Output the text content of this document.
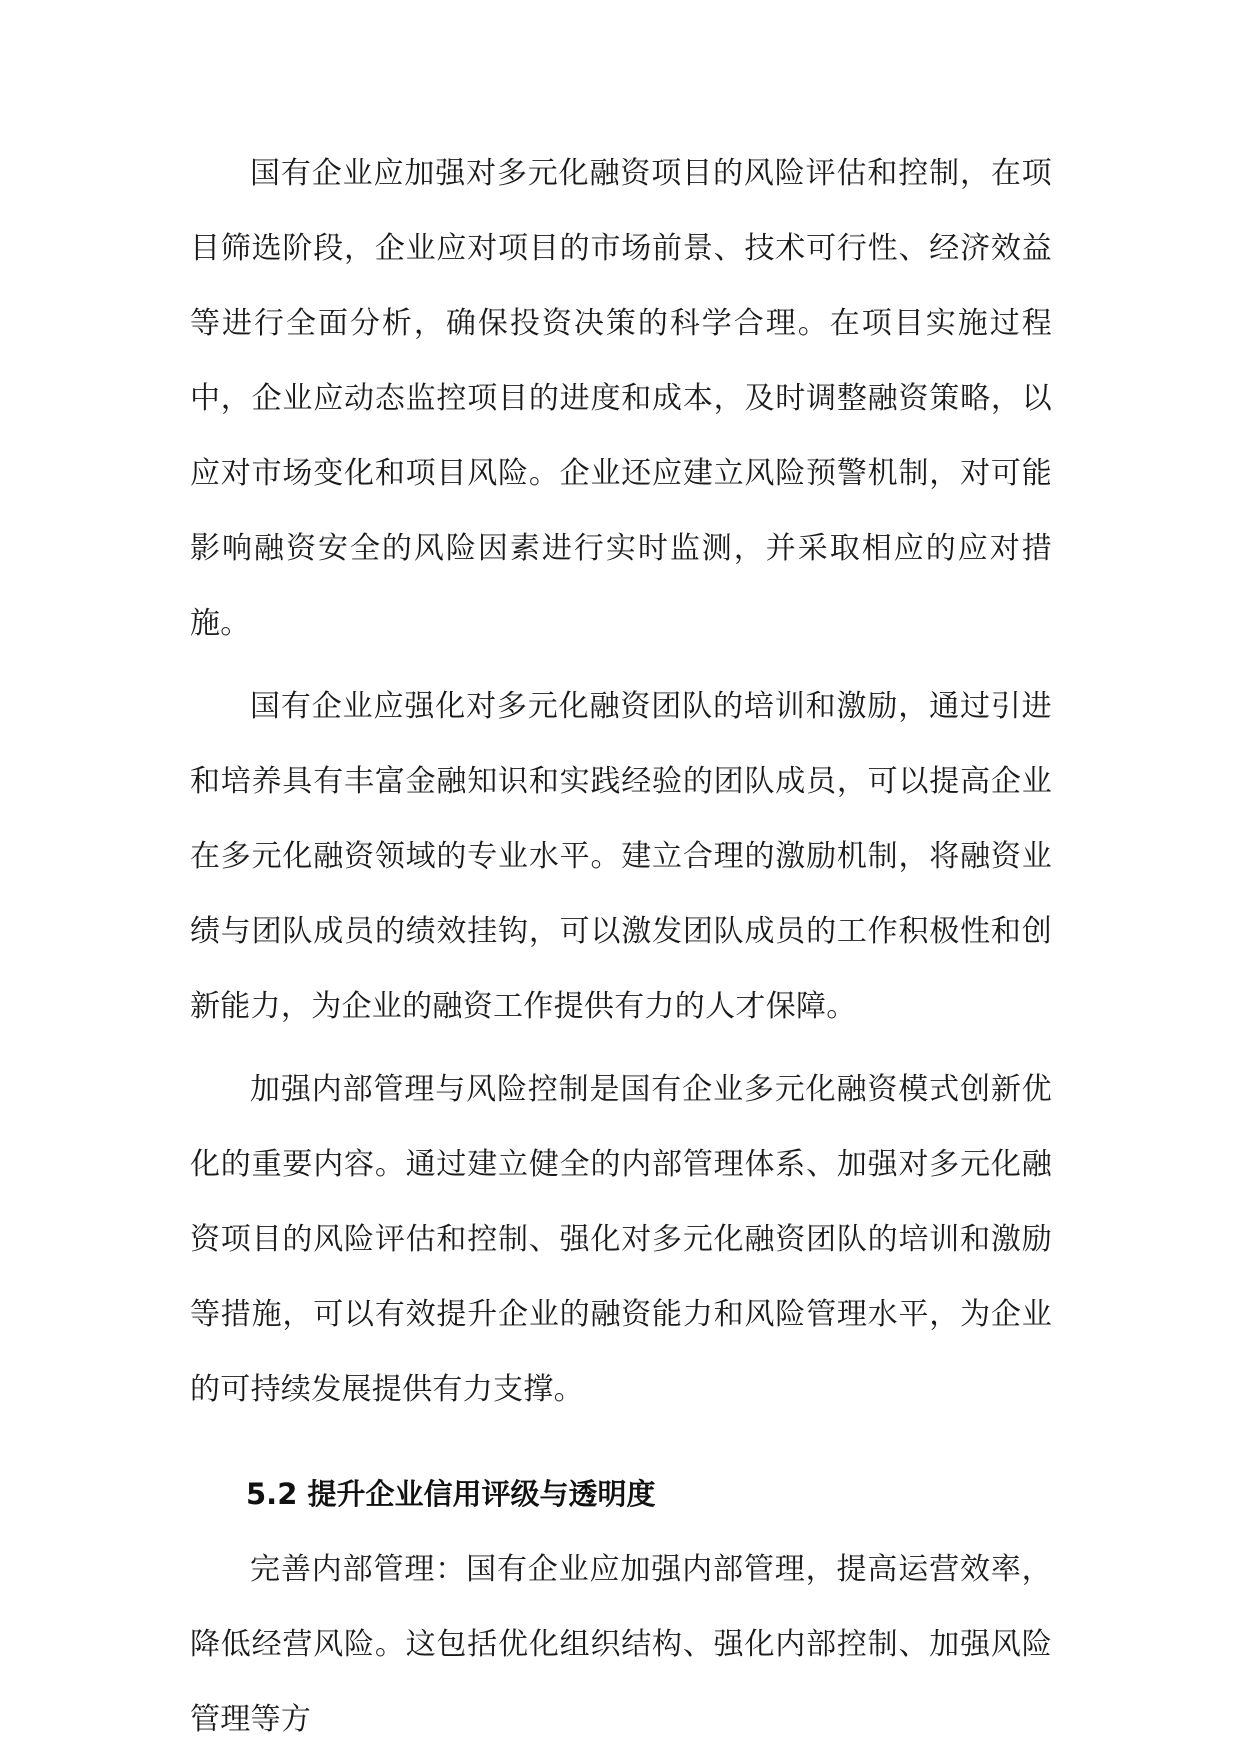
国有企业应加强对多元化融资项目的风险评估和控制，在项目筛选阶段，企业应对项目的市场前景、技术可行性、经济效益等进行全面分析，确保投资决策的科学合理。在项目实施过程中，企业应动态监控项目的进度和成本，及时调整融资策略，以应对市场变化和项目风险。企业还应建立风险预警机制，对可能影响融资安全的风险因素进行实时监测，并采取相应的应对措施。

国有企业应强化对多元化融资团队的培训和激励，通过引进和培养具有丰富金融知识和实践经验的团队成员，可以提高企业在多元化融资领域的专业水平。建立合理的激励机制，将融资业绩与团队成员的绩效挂钩，可以激发团队成员的工作积极性和创新能力，为企业的融资工作提供有力的人才保障。

加强内部管理与风险控制是国有企业多元化融资模式创新优化的重要内容。通过建立健全的内部管理体系、加强对多元化融资项目的风险评估和控制、强化对多元化融资团队的培训和激励等措施，可以有效提升企业的融资能力和风险管理水平，为企业的可持续发展提供有力支撑。

5.2 提升企业信用评级与透明度

完善内部管理：国有企业应加强内部管理，提高运营效率，降低经营风险。这包括优化组织结构、强化内部控制、加强风险管理等方
